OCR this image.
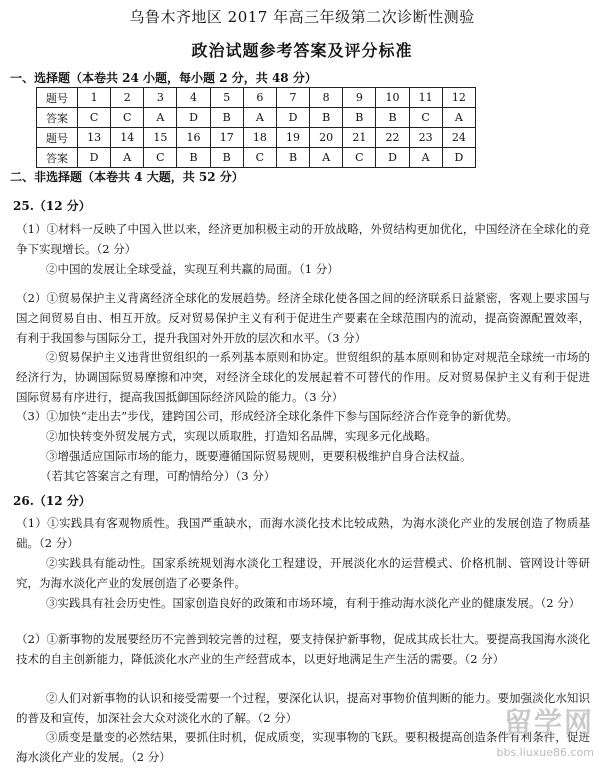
乌鲁木齐地区 2017 年高三年级第二次诊断性测验
政治试题参考答案及评分标准
一、选择题（本卷共 24 小题，每小题 2 分，共 48 分）
题号	1	2	3	4	5	6	7	8	9	10	11	12
答案	C	C	A	D	B	A	D	B	B	B	C	A
题号	13	14	15	16	17	18	19	20	21	22	23	24
答案	D	A	C	B	B	C	B	A	C	D	A	D
二、非选择题（本卷共 4 大题，共 52 分）
25.（12 分）
（1）①材料一反映了中国入世以来，经济更加积极主动的开放战略，外贸结构更加优化，中国经济在全球化的竞争下实现增长。（2 分）
②中国的发展让全球受益，实现互利共赢的局面。（1 分）
（2）①贸易保护主义背离经济全球化的发展趋势。经济全球化使各国之间的经济联系日益紧密，客观上要求国与国之间贸易自由、相互开放。反对贸易保护主义有利于促进生产要素在全球范围内的流动，提高资源配置效率，有利于我国参与国际分工，提升我国对外开放的层次和水平。（3 分）
②贸易保护主义违背世贸组织的一系列基本原则和协定。世贸组织的基本原则和协定对规范全球统一市场的经济行为，协调国际贸易摩擦和冲突，对经济全球化的发展起着不可替代的作用。反对贸易保护主义有利于促进国际贸易有序进行，提高我国抵御国际经济风险的能力。（3 分）
（3）①加快“走出去”步伐，建跨国公司，形成经济全球化条件下参与国际经济合作竞争的新优势。
②加快转变外贸发展方式，实现以质取胜，打造知名品牌，实现多元化战略。
③增强适应国际市场的能力，既要遵循国际贸易规则，更要积极维护自身合法权益。
（若其它答案言之有理，可酌情给分）（3 分）
26.（12 分）
（1）①实践具有客观物质性。我国严重缺水，而海水淡化技术比较成熟，为海水淡化产业的发展创造了物质基础。（2 分）
②实践具有能动性。国家系统规划海水淡化工程建设，开展淡化水的运营模式、价格机制、管网设计等研究，为海水淡化产业的发展创造了必要条件。
③实践具有社会历史性。国家创造良好的政策和市场环境，有利于推动海水淡化产业的健康发展。（2 分）
（2）①新事物的发展要经历不完善到较完善的过程，要支持保护新事物，促成其成长壮大。要提高我国海水淡化技术的自主创新能力，降低淡化水产业的生产经营成本，以更好地满足生产生活的需要。（2 分）
②人们对新事物的认识和接受需要一个过程，要深化认识，提高对事物价值判断的能力。要加强淡化水知识的普及和宣传，加深社会大众对淡化水的了解。（2 分）
③质变是量变的必然结果，要抓住时机，促成质变，实现事物的飞跃。要积极提高创造条件有利条件，促进海水淡化产业的发展。（2 分）
留学网
bbs.liuxue86.com
